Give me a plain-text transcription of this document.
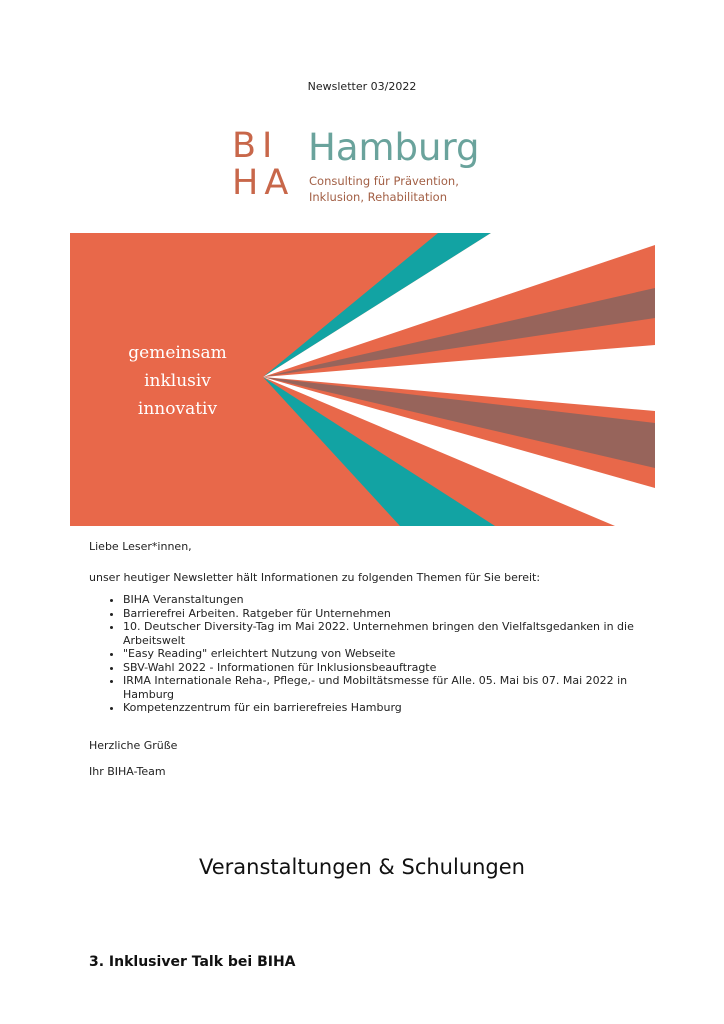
Newsletter 03/2022
BI
HA
Hamburg
Consulting für Prävention,
Inklusion, Rehabilitation
gemeinsam
inklusiv
innovativ

Liebe Leser*innen,

unser heutiger Newsletter hält Informationen zu folgenden Themen für Sie bereit:

• BIHA Veranstaltungen
• Barrierefrei Arbeiten. Ratgeber für Unternehmen
• 10. Deutscher Diversity-Tag im Mai 2022. Unternehmen bringen den Vielfaltsgedanken in die Arbeitswelt
• "Easy Reading" erleichtert Nutzung von Webseite
• SBV-Wahl 2022 - Informationen für Inklusionsbeauftragte
• IRMA Internationale Reha-, Pflege,- und Mobiltätsmesse für Alle. 05. Mai bis 07. Mai 2022 in Hamburg
• Kompetenzzentrum für ein barrierefreies Hamburg

Herzliche Grüße

Ihr BIHA-Team

Veranstaltungen & Schulungen
3. Inklusiver Talk bei BIHA
